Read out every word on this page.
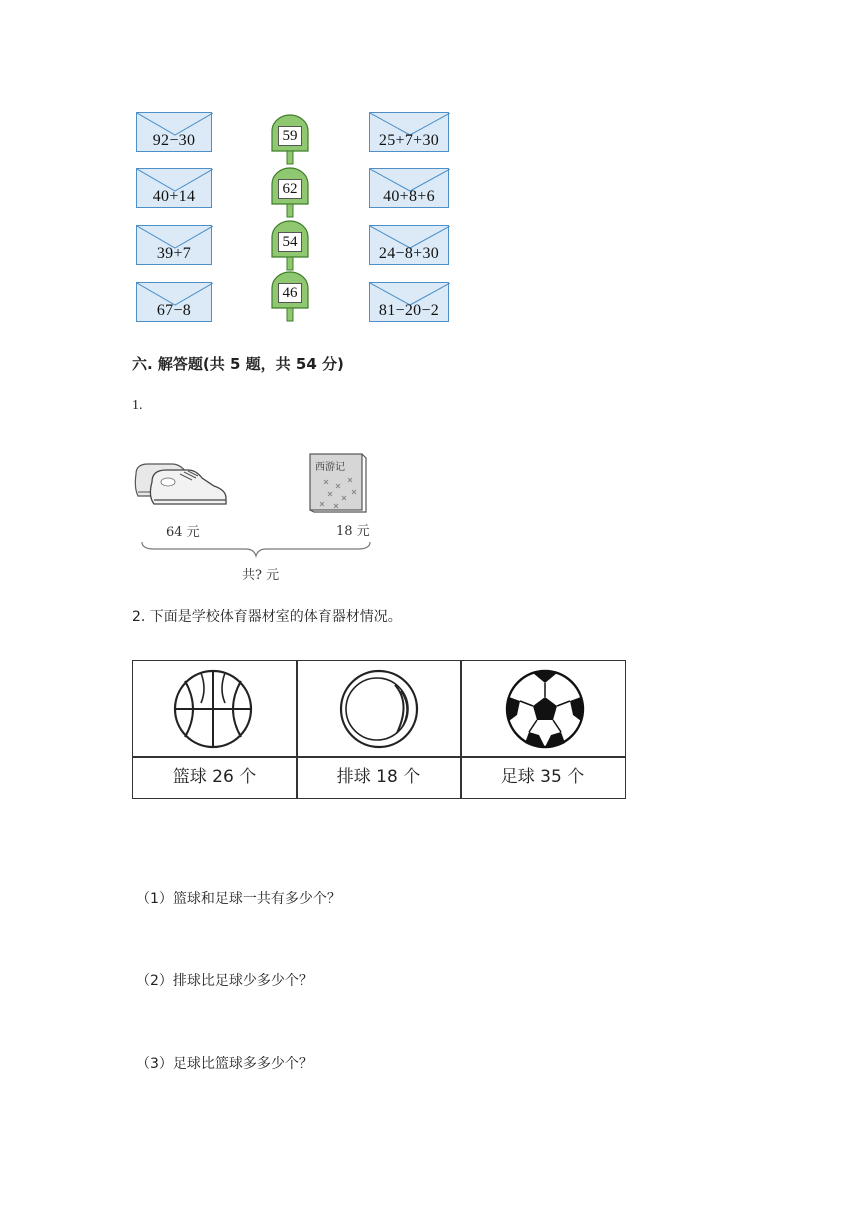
92−30
40+14
39+7
67−8
59
62
54
46
25+7+30
40+8+6
24−8+30
81−20−2
六. 解答题(共 5 题，共 54 分)
1.
64 元
西游记
18 元
共? 元
2. 下面是学校体育器材室的体育器材情况。
篮球 26 个	排球 18 个	足球 35 个
（1）篮球和足球一共有多少个？
（2）排球比足球少多少个？
（3）足球比篮球多多少个？
